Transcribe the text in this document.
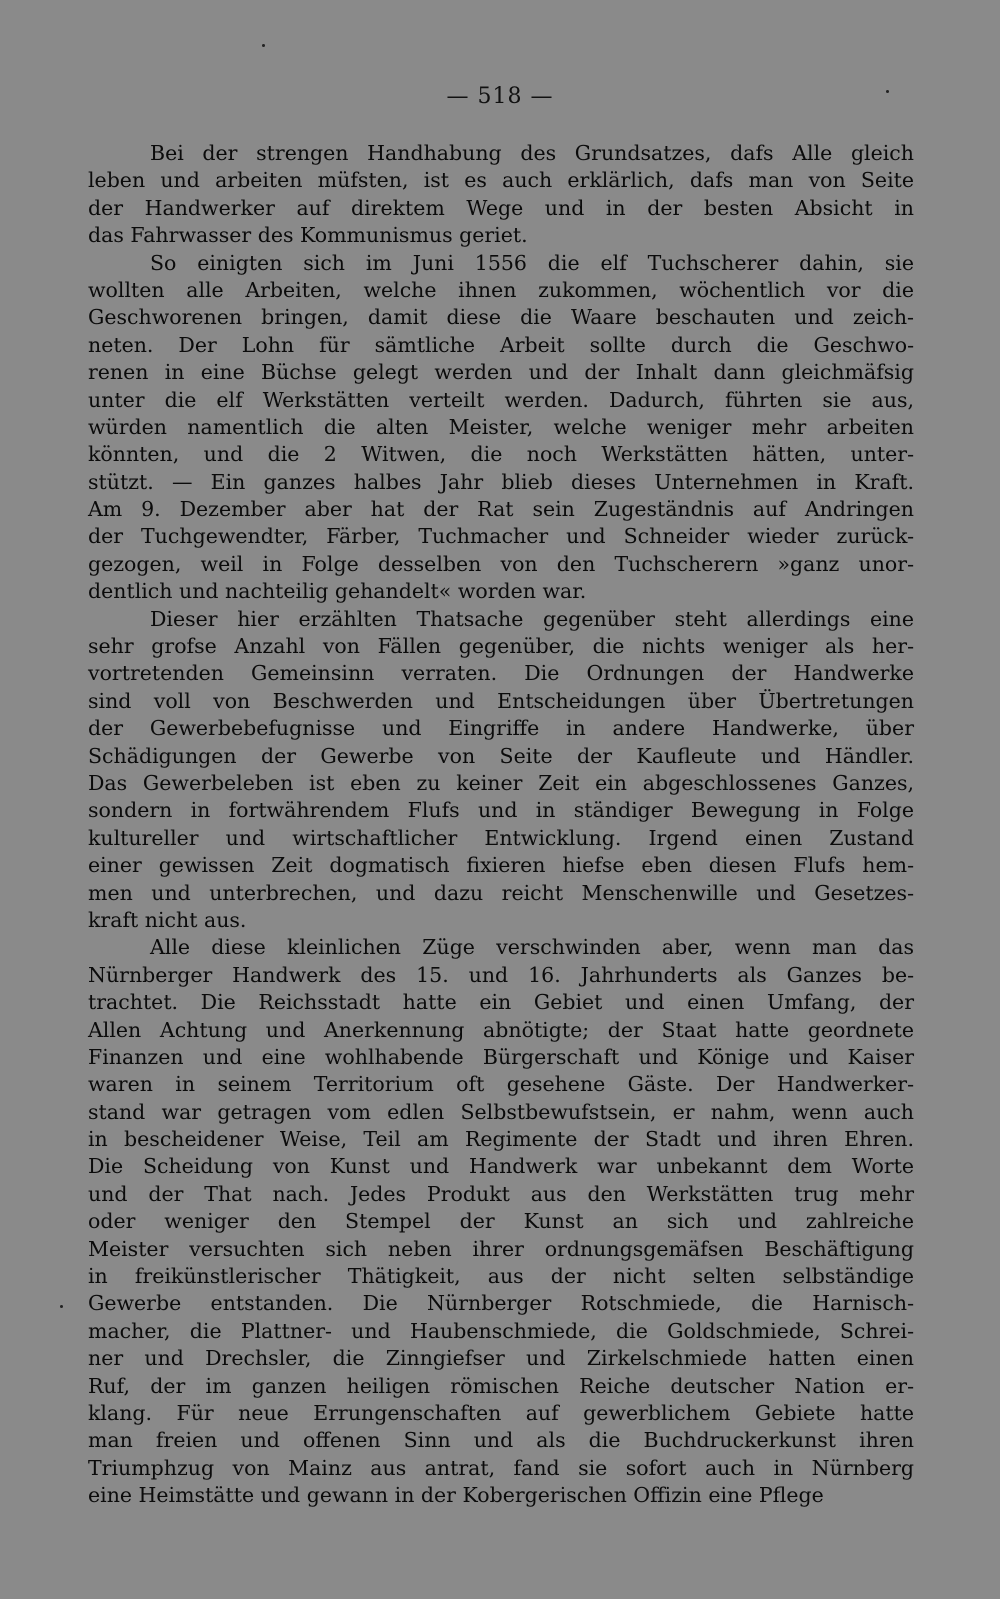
— 518 —
Bei der strengen Handhabung des Grundsatzes, dafs Alle gleich
leben und arbeiten müfsten, ist es auch erklärlich, dafs man von Seite
der Handwerker auf direktem Wege und in der besten Absicht in
das Fahrwasser des Kommunismus geriet.
So einigten sich im Juni 1556 die elf Tuchscherer dahin, sie
wollten alle Arbeiten, welche ihnen zukommen, wöchentlich vor die
Geschworenen bringen, damit diese die Waare beschauten und zeich-
neten. Der Lohn für sämtliche Arbeit sollte durch die Geschwo-
renen in eine Büchse gelegt werden und der Inhalt dann gleichmäfsig
unter die elf Werkstätten verteilt werden. Dadurch, führten sie aus,
würden namentlich die alten Meister, welche weniger mehr arbeiten
könnten, und die 2 Witwen, die noch Werkstätten hätten, unter-
stützt. — Ein ganzes halbes Jahr blieb dieses Unternehmen in Kraft.
Am 9. Dezember aber hat der Rat sein Zugeständnis auf Andringen
der Tuchgewendter, Färber, Tuchmacher und Schneider wieder zurück-
gezogen, weil in Folge desselben von den Tuchscherern »ganz unor-
dentlich und nachteilig gehandelt« worden war.
Dieser hier erzählten Thatsache gegenüber steht allerdings eine
sehr grofse Anzahl von Fällen gegenüber, die nichts weniger als her-
vortretenden Gemeinsinn verraten. Die Ordnungen der Handwerke
sind voll von Beschwerden und Entscheidungen über Übertretungen
der Gewerbebefugnisse und Eingriffe in andere Handwerke, über
Schädigungen der Gewerbe von Seite der Kaufleute und Händler.
Das Gewerbeleben ist eben zu keiner Zeit ein abgeschlossenes Ganzes,
sondern in fortwährendem Flufs und in ständiger Bewegung in Folge
kultureller und wirtschaftlicher Entwicklung. Irgend einen Zustand
einer gewissen Zeit dogmatisch fixieren hiefse eben diesen Flufs hem-
men und unterbrechen, und dazu reicht Menschenwille und Gesetzes-
kraft nicht aus.
Alle diese kleinlichen Züge verschwinden aber, wenn man das
Nürnberger Handwerk des 15. und 16. Jahrhunderts als Ganzes be-
trachtet. Die Reichsstadt hatte ein Gebiet und einen Umfang, der
Allen Achtung und Anerkennung abnötigte; der Staat hatte geordnete
Finanzen und eine wohlhabende Bürgerschaft und Könige und Kaiser
waren in seinem Territorium oft gesehene Gäste. Der Handwerker-
stand war getragen vom edlen Selbstbewufstsein, er nahm, wenn auch
in bescheidener Weise, Teil am Regimente der Stadt und ihren Ehren.
Die Scheidung von Kunst und Handwerk war unbekannt dem Worte
und der That nach. Jedes Produkt aus den Werkstätten trug mehr
oder weniger den Stempel der Kunst an sich und zahlreiche
Meister versuchten sich neben ihrer ordnungsgemäfsen Beschäftigung
in freikünstlerischer Thätigkeit, aus der nicht selten selbständige
Gewerbe entstanden. Die Nürnberger Rotschmiede, die Harnisch-
macher, die Plattner- und Haubenschmiede, die Goldschmiede, Schrei-
ner und Drechsler, die Zinngiefser und Zirkelschmiede hatten einen
Ruf, der im ganzen heiligen römischen Reiche deutscher Nation er-
klang. Für neue Errungenschaften auf gewerblichem Gebiete hatte
man freien und offenen Sinn und als die Buchdruckerkunst ihren
Triumphzug von Mainz aus antrat, fand sie sofort auch in Nürnberg
eine Heimstätte und gewann in der Kobergerischen Offizin eine Pflege
